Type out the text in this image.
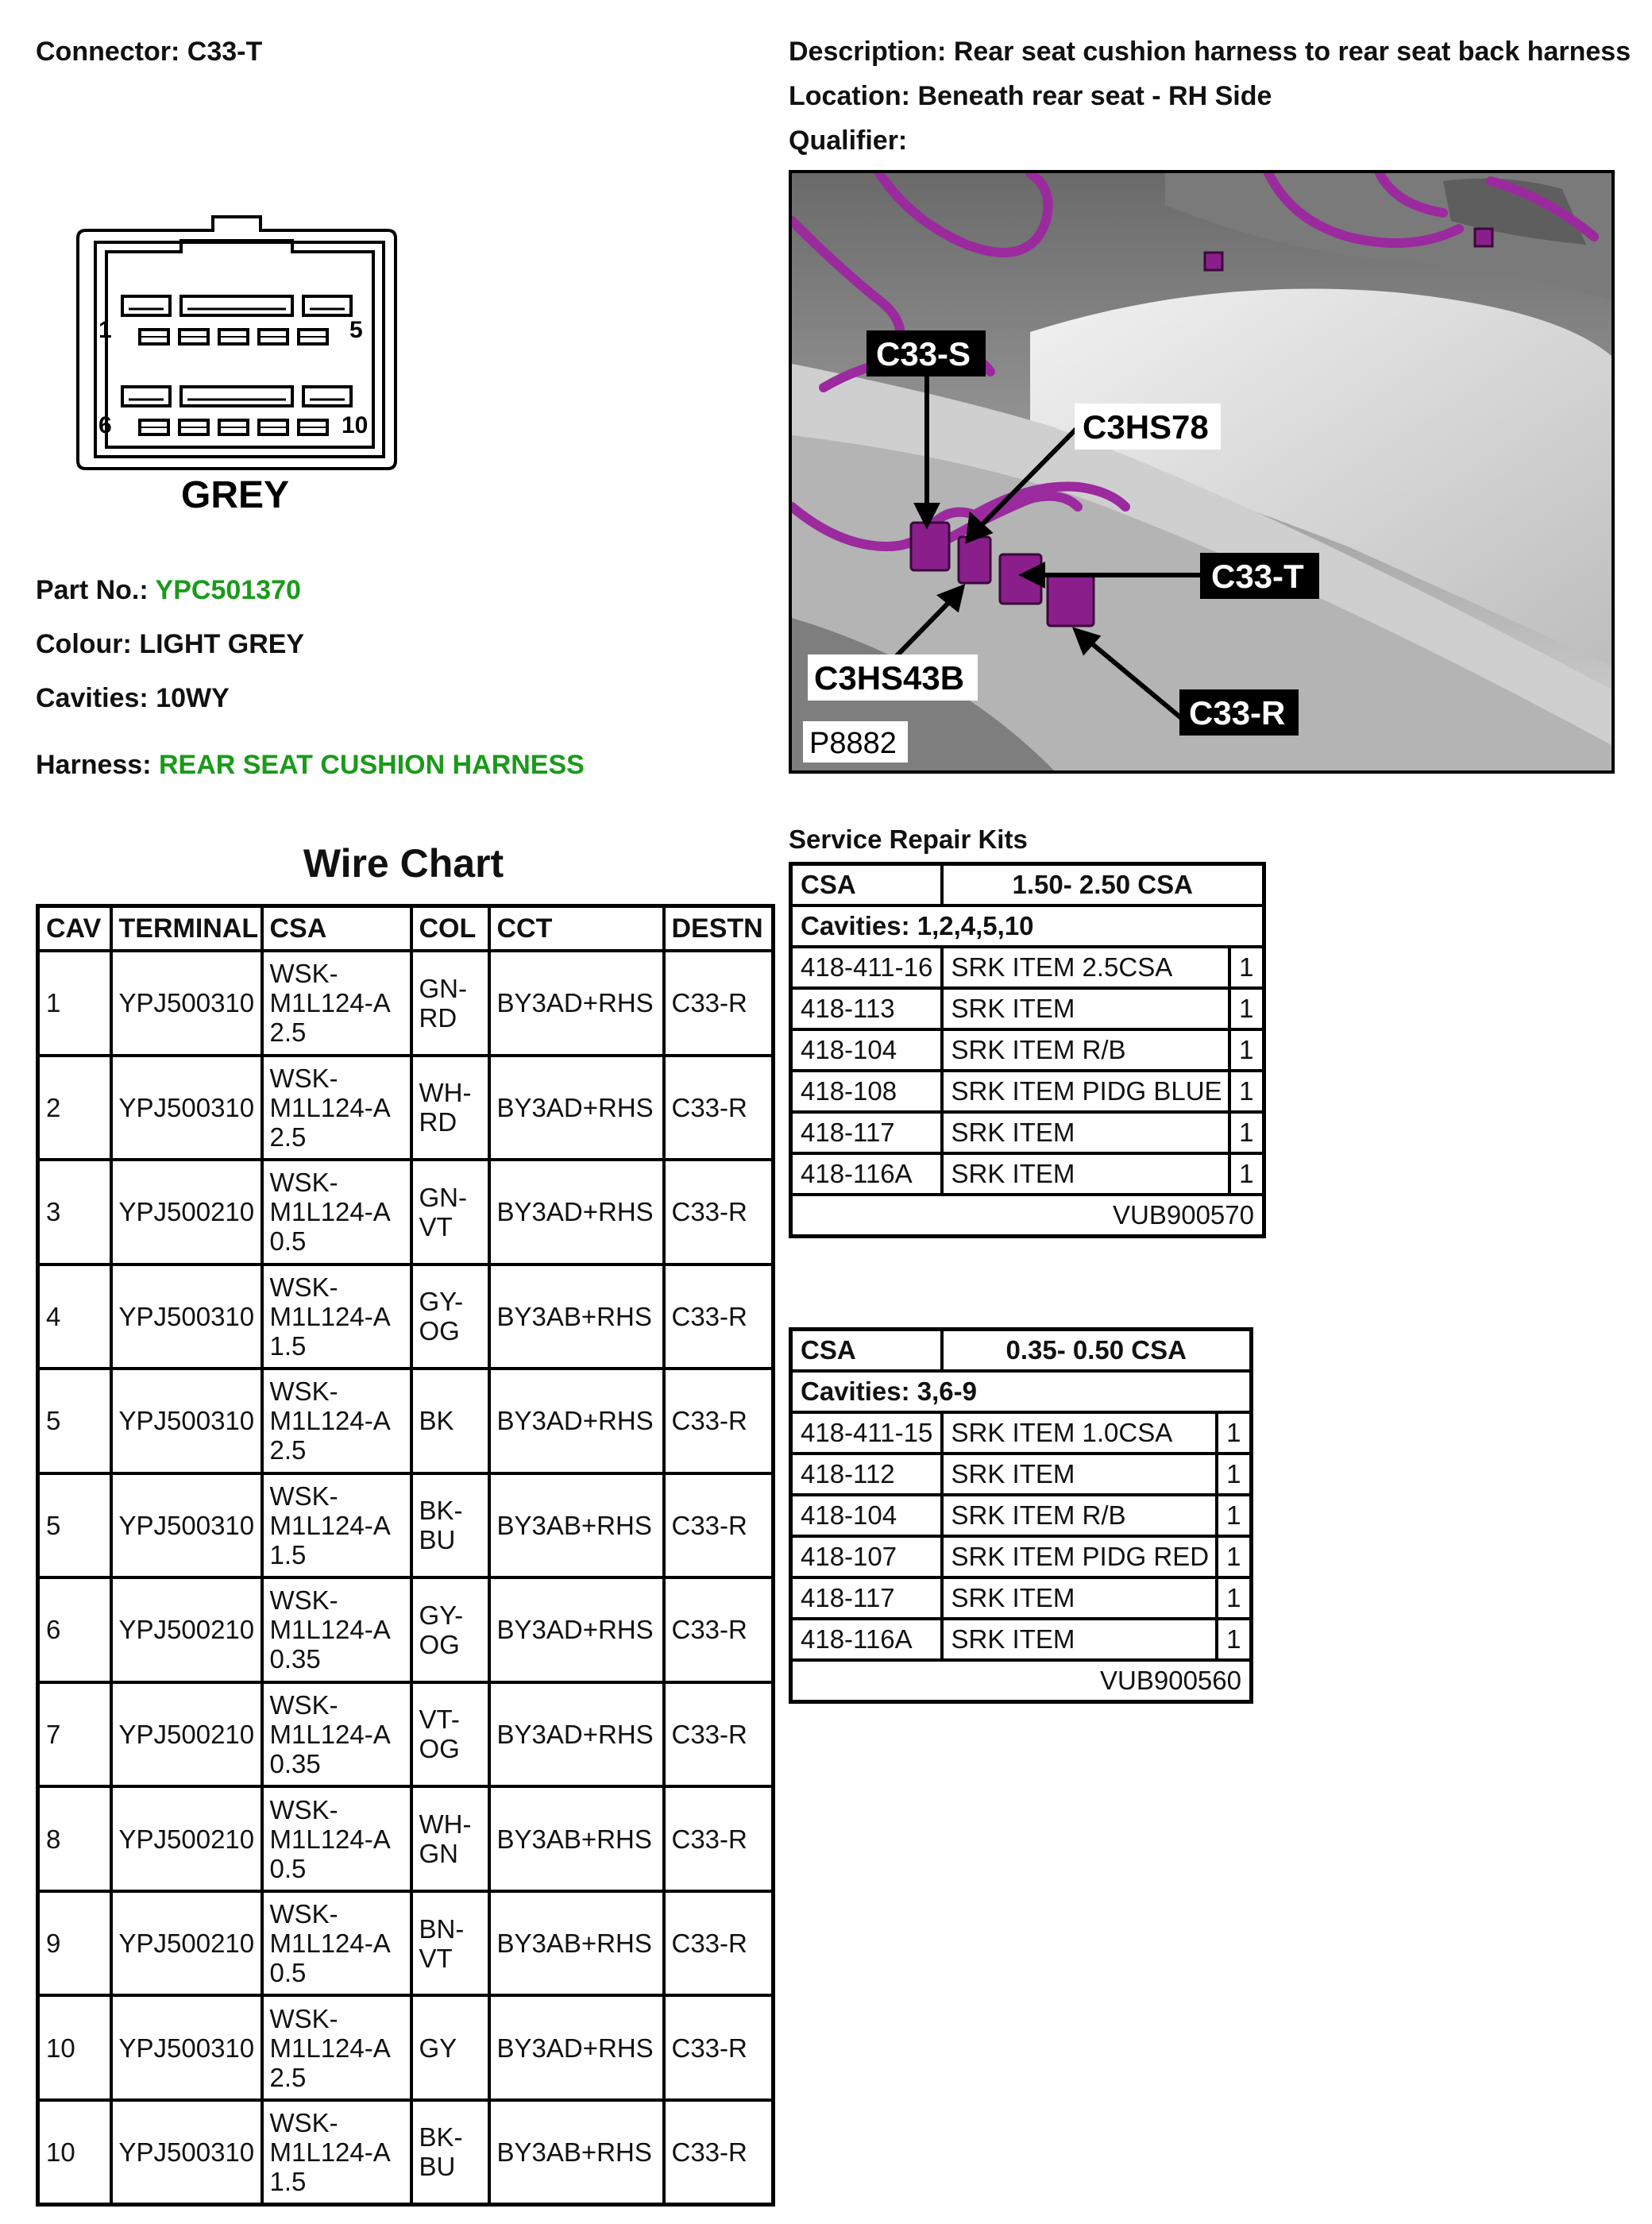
Connector: C33-T	Description: Rear seat cushion harness to rear seat back harness
Location: Beneath rear seat - RH Side
Qualifier:
1	5
6	10
GREY
Part No.: YPC501370
Colour: LIGHT GREY
Cavities: 10WY
Harness: REAR SEAT CUSHION HARNESS
C33-S
C3HS78
C33-T
C3HS43B
C33-R
P8882
Wire Chart
CAV	TERMINAL	CSA	COL	CCT	DESTN
1	YPJ500310	WSK-
M1L124-A
2.5	GN-
RD	BY3AD+RHS	C33-R
2	YPJ500310	WSK-
M1L124-A
2.5	WH-
RD	BY3AD+RHS	C33-R
3	YPJ500210	WSK-
M1L124-A
0.5	GN-
VT	BY3AD+RHS	C33-R
4	YPJ500310	WSK-
M1L124-A
1.5	GY-
OG	BY3AB+RHS	C33-R
5	YPJ500310	WSK-
M1L124-A
2.5	BK	BY3AD+RHS	C33-R
5	YPJ500310	WSK-
M1L124-A
1.5	BK-
BU	BY3AB+RHS	C33-R
6	YPJ500210	WSK-
M1L124-A
0.35	GY-
OG	BY3AD+RHS	C33-R
7	YPJ500210	WSK-
M1L124-A
0.35	VT-
OG	BY3AD+RHS	C33-R
8	YPJ500210	WSK-
M1L124-A
0.5	WH-
GN	BY3AB+RHS	C33-R
9	YPJ500210	WSK-
M1L124-A
0.5	BN-
VT	BY3AB+RHS	C33-R
10	YPJ500310	WSK-
M1L124-A
2.5	GY	BY3AD+RHS	C33-R
10	YPJ500310	WSK-
M1L124-A
1.5	BK-
BU	BY3AB+RHS	C33-R
Service Repair Kits
CSA	1.50- 2.50 CSA	
Cavities: 1,2,4,5,10		
418-411-16	SRK ITEM 2.5CSA	1
418-113	SRK ITEM	1
418-104	SRK ITEM R/B	1
418-108	SRK ITEM PIDG BLUE	1
418-117	SRK ITEM	1
418-116A	SRK ITEM	1
VUB900570		
CSA	0.35- 0.50 CSA	
Cavities: 3,6-9		
418-411-15	SRK ITEM 1.0CSA	1
418-112	SRK ITEM	1
418-104	SRK ITEM R/B	1
418-107	SRK ITEM PIDG RED	1
418-117	SRK ITEM	1
418-116A	SRK ITEM	1
VUB900560		
